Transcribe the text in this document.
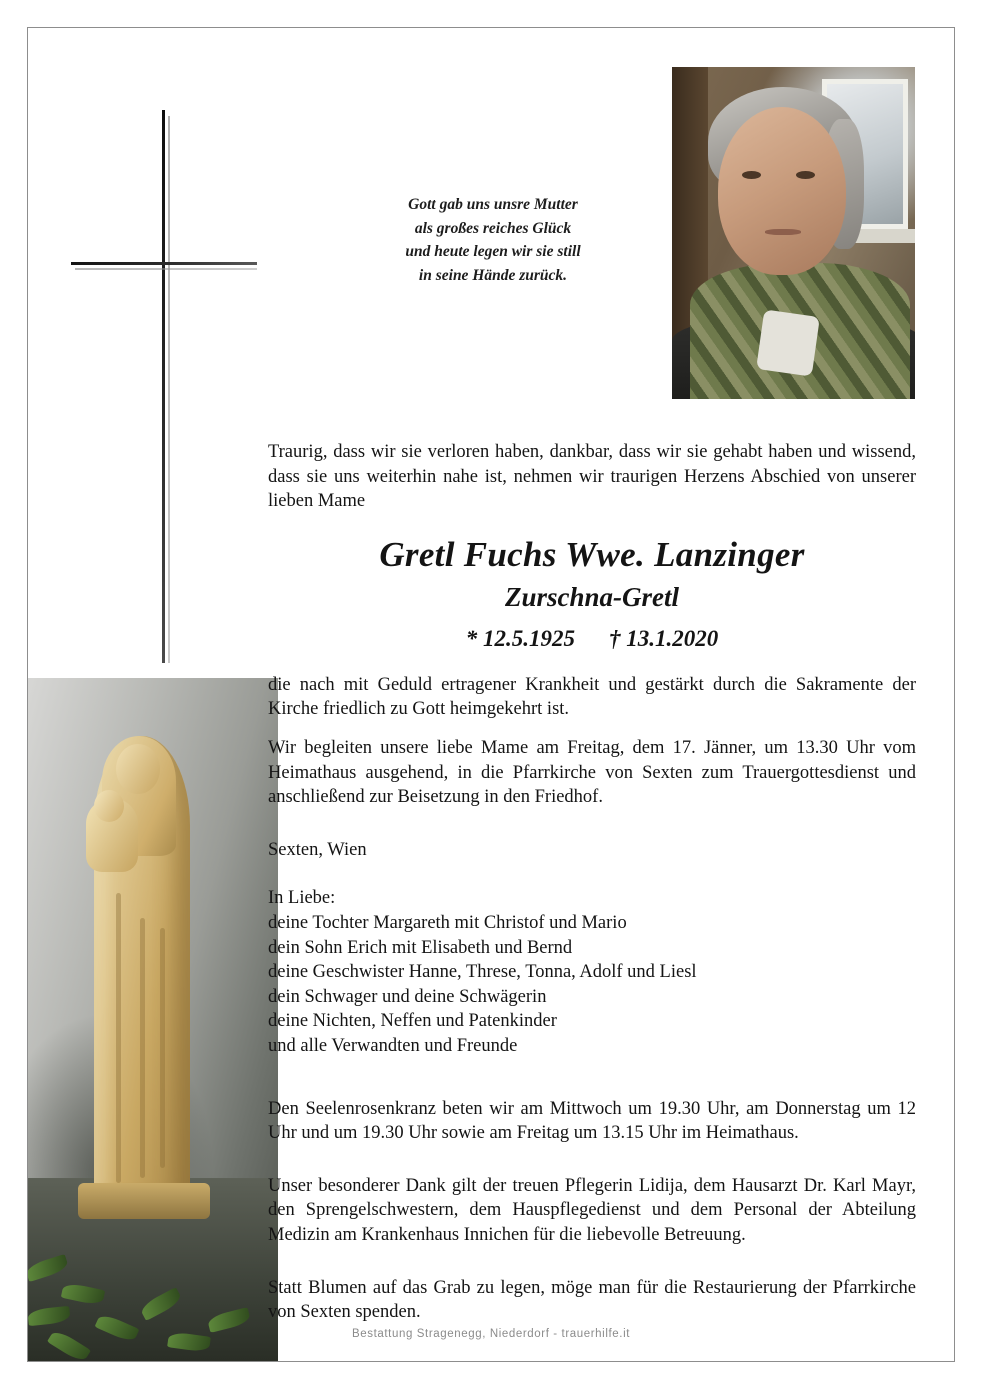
Gott gab uns unsre Mutter
als großes reiches Glück
und heute legen wir sie still
in seine Hände zurück.

Traurig, dass wir sie verloren haben, dankbar, dass wir sie gehabt haben und wissend, dass sie uns weiterhin nahe ist, nehmen wir traurigen Herzens Abschied von unserer lieben Mame

Gretl Fuchs Wwe. Lanzinger
Zurschna-Gretl
* 12.5.1925 † 13.1.2020

die nach mit Geduld ertragener Krankheit und gestärkt durch die Sakramente der Kirche friedlich zu Gott heimgekehrt ist.

Wir begleiten unsere liebe Mame am Freitag, dem 17. Jänner, um 13.30 Uhr vom Heimathaus ausgehend, in die Pfarrkirche von Sexten zum Trauergottesdienst und anschließend zur Beisetzung in den Friedhof.

Sexten, Wien

In Liebe:

deine Tochter Margareth mit Christof und Mario

dein Sohn Erich mit Elisabeth und Bernd

deine Geschwister Hanne, Threse, Tonna, Adolf und Liesl

dein Schwager und deine Schwägerin

deine Nichten, Neffen und Patenkinder

und alle Verwandten und Freunde

Den Seelenrosenkranz beten wir am Mittwoch um 19.30 Uhr, am Donnerstag um 12 Uhr und um 19.30 Uhr sowie am Freitag um 13.15 Uhr im Heimathaus.

Unser besonderer Dank gilt der treuen Pflegerin Lidija, dem Hausarzt Dr. Karl Mayr, den Sprengelschwestern, dem Hauspflegedienst und dem Personal der Abteilung Medizin am Krankenhaus Innichen für die liebevolle Betreuung.

Statt Blumen auf das Grab zu legen, möge man für die Restaurierung der Pfarrkirche von Sexten spenden.

Bestattung Stragenegg, Niederdorf - trauerhilfe.it
